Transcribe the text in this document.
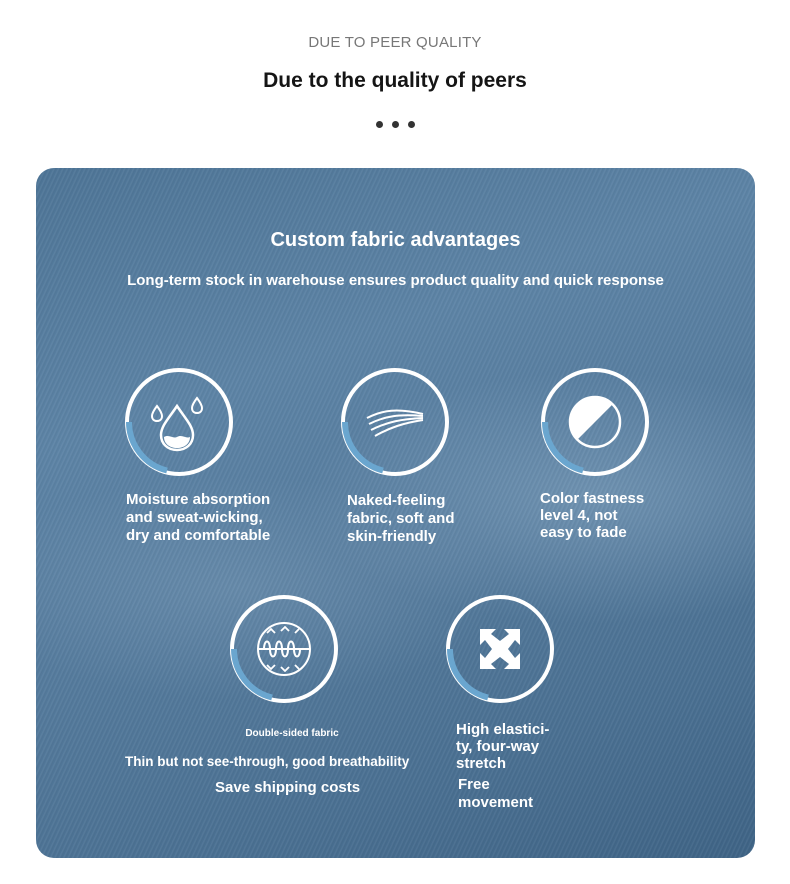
DUE TO PEER QUALITY
Due to the quality of peers
Custom fabric advantages
Long-term stock in warehouse ensures product quality and quick response
Moisture absorption
and sweat-wicking,
dry and comfortable
Naked-feeling
fabric, soft and
skin-friendly
Color fastness
level 4, not
easy to fade
Double-sided fabric
Thin but not see-through, good breathability
Save shipping costs
High elastici-
ty, four-way
stretch
Free
movement
